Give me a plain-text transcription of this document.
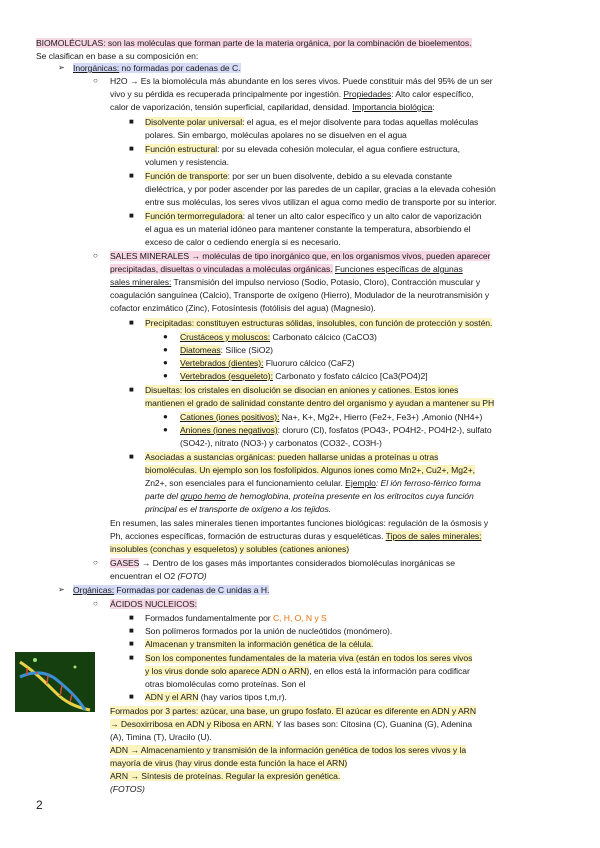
BIOMOLÉCULAS: son las moléculas que forman parte de la materia orgánica, por la combinación de bioelementos.
Se clasifican en base a su composición en:
➢ Inorgánicas: no formadas por cadenas de C.
○ H2O → Es la biomolécula más abundante en los seres vivos. Puede constituir más del 95% de un ser
vivo y su pérdida es recuperada principalmente por ingestión. Propiedades: Alto calor específico,
calor de vaporización, tensión superficial, capilaridad, densidad. Importancia biológica:
■ Disolvente polar universal: el agua, es el mejor disolvente para todas aquellas moléculas
polares. Sin embargo, moléculas apolares no se disuelven en el agua
■ Función estructural: por su elevada cohesión molecular, el agua confiere estructura,
volumen y resistencia.
■ Función de transporte: por ser un buen disolvente, debido a su elevada constante
dieléctrica, y por poder ascender por las paredes de un capilar, gracias a la elevada cohesión
entre sus moléculas, los seres vivos utilizan el agua como medio de transporte por su interior.
■ Función termorreguladora: al tener un alto calor específico y un alto calor de vaporización
el agua es un material idóneo para mantener constante la temperatura, absorbiendo el
exceso de calor o cediendo energía si es necesario.
○ SALES MINERALES → moléculas de tipo inorgánico que, en los organismos vivos, pueden aparecer
precipitadas, disueltas o vinculadas a moléculas orgánicas. Funciones específicas de algunas
sales minerales: Transmisión del impulso nervioso (Sodio, Potasio, Cloro), Contracción muscular y
coagulación sanguínea (Calcio), Transporte de oxígeno (Hierro), Modulador de la neurotransmisión y
cofactor enzimático (Zinc), Fotosíntesis (fotólisis del agua) (Magnesio).
■ Precipitadas: constituyen estructuras sólidas, insolubles, con función de protección y sostén.
● Crustáceos y moluscos: Carbonato cálcico (CaCO3)
● Diatomeas: Sílice (SiO2)
● Vertebrados (dientes): Fluoruro cálcico (CaF2)
● Vertebrados (esqueleto): Carbonato y fosfato cálcico [Ca3(PO4)2]
■ Disueltas: los cristales en disolución se disocian en aniones y cationes. Estos iones
mantienen el grado de salinidad constante dentro del organismo y ayudan a mantener su PH
● Cationes (iones positivos): Na+, K+, Mg2+, Hierro (Fe2+, Fe3+) ,Amonio (NH4+)
● Aniones (iones negativos): cloruro (Cl), fosfatos (PO43-, PO4H2-, PO4H2-), sulfato
(SO42-), nitrato (NO3-) y carbonatos (CO32-, CO3H-)
■ Asociadas a sustancias orgánicas: pueden hallarse unidas a proteínas u otras
biomoléculas. Un ejemplo son los fosfolípidos. Algunos iones como Mn2+, Cu2+, Mg2+,
Zn2+, son esenciales para el funcionamiento celular. Ejemplo: El ión ferroso-férrico forma
parte del grupo hemo de hemoglobina, proteína presente en los eritrocitos cuya función
principal es el transporte de oxígeno a los tejidos.
En resumen, las sales minerales tienen importantes funciones biológicas: regulación de la ósmosis y
Ph, acciones específicas, formación de estructuras duras y esqueléticas. Tipos de sales minerales:
insolubles (conchas y esqueletos) y solubles (cationes aniones)
○ GASES → Dentro de los gases más importantes considerados biomoléculas inorgánicas se
encuentran el O2 (FOTO)
➢ Orgánicas: Formadas por cadenas de C unidas a H.
○ ÁCIDOS NUCLEICOS:
■ Formados fundamentalmente por C, H, O, N y S
■ Son polímeros formados por la unión de nucleótidos (monómero).
■ Almacenan y transmiten la información genética de la célula.
■ Son los componentes fundamentales de la materia viva (están en todos los seres vivos
y los virus donde solo aparece ADN o ARN), en ellos está la información para codificar
otras biomoléculas como proteínas. Son el
■ ADN y el ARN (hay varios tipos t,m,r).
Formados por 3 partes: azúcar, una base, un grupo fosfato. El azúcar es diferente en ADN y ARN
→ Desoxirribosa en ADN y Ribosa en ARN. Y las bases son: Citosina (C), Guanina (G), Adenina
(A), Timina (T), Uracilo (U).
ADN → Almacenamiento y transmisión de la información genética de todos los seres vivos y la
mayoría de virus (hay virus donde esta función la hace el ARN)
ARN → Síntesis de proteínas. Regular la expresión genética.
(FOTOS)
2
